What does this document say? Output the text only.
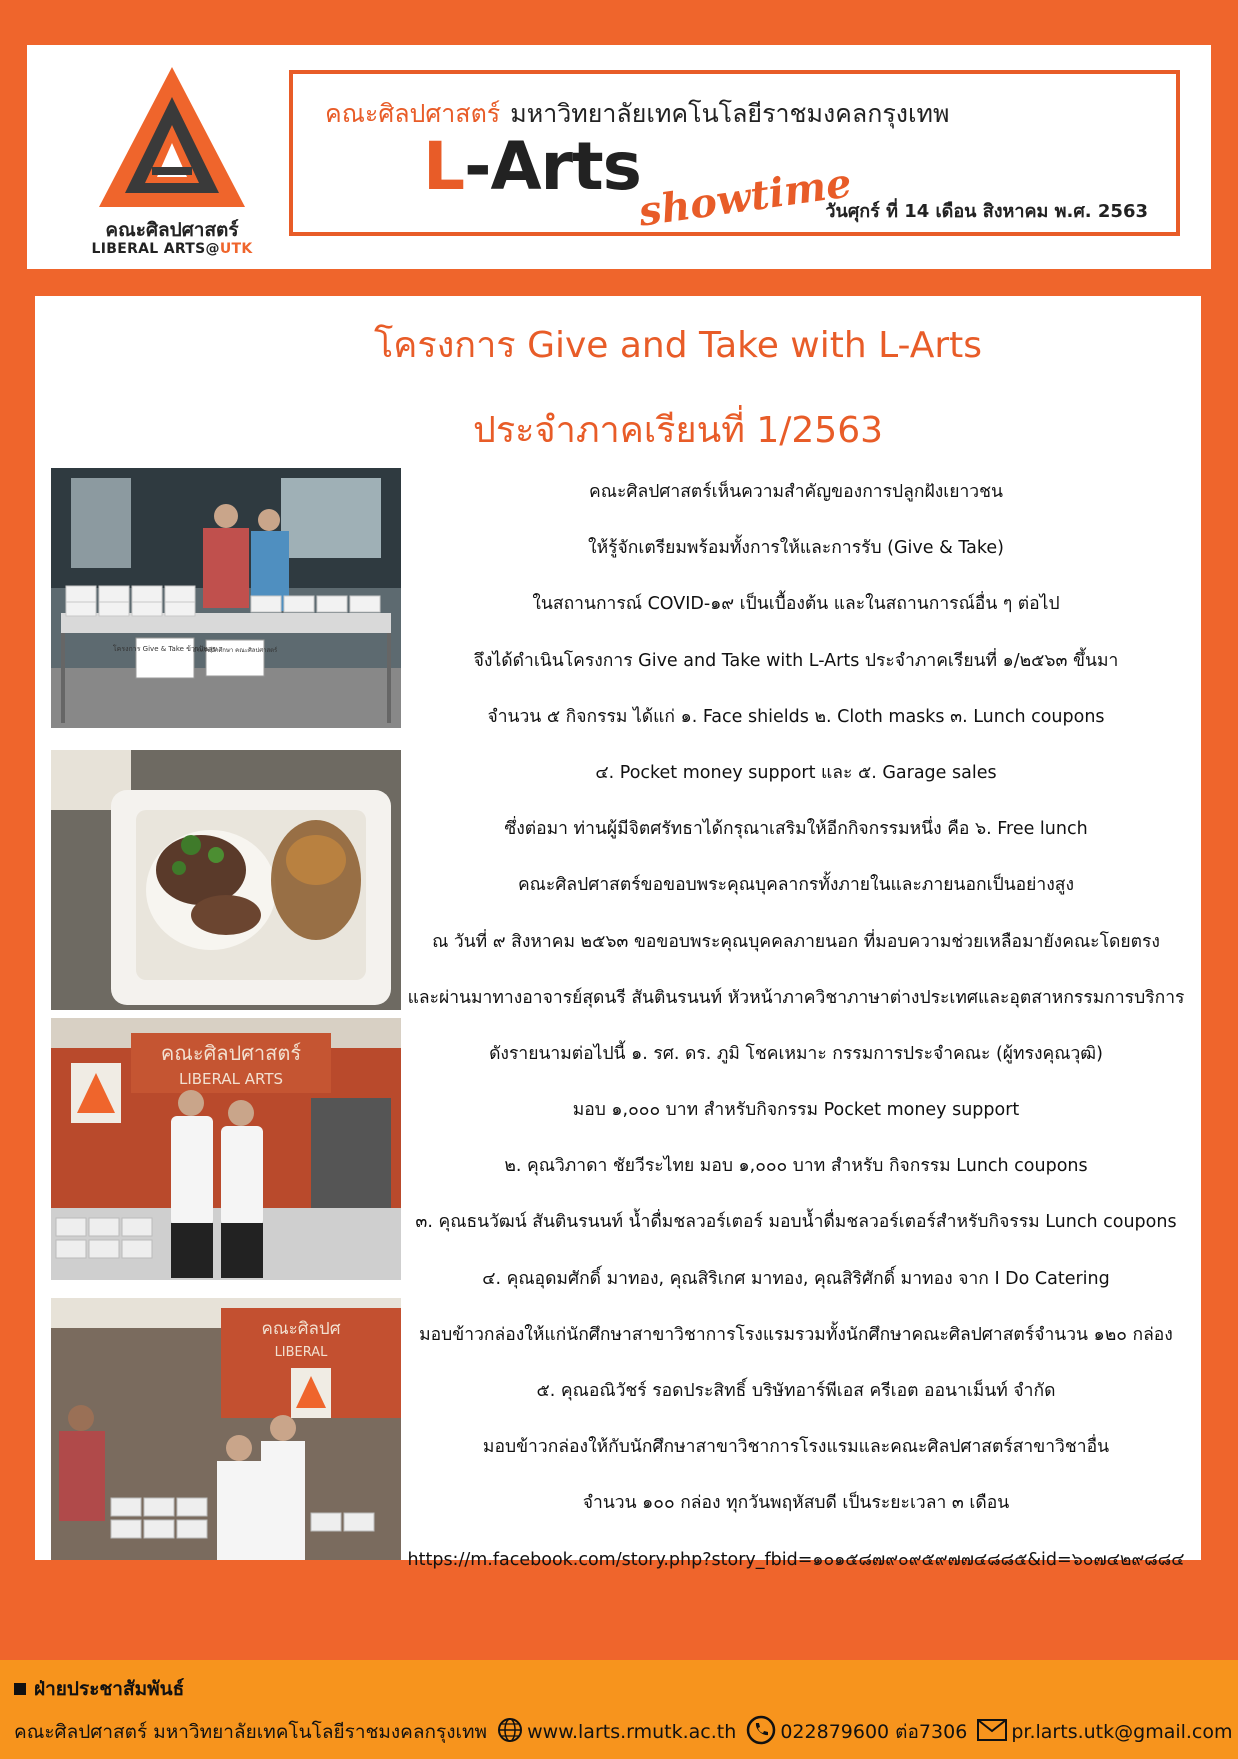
คณะศิลปศาสตร์
LIBERAL ARTS@UTK
คณะศิลปศาสตร์ มหาวิทยาลัยเทคโนโลยีราชมงคลกรุงเทพ
L-Arts
showtime
วันศุกร์ ที่ 14 เดือน สิงหาคม พ.ศ. 2563
โครงการ Give and Take with L-Arts
ประจำภาคเรียนที่ 1/2563
โครงการ Give & Take ข้าวปันสุข
สำหรับนักศึกษา คณะศิลปศาสตร์
คณะศิลปศาสตร์
LIBERAL ARTS
คณะศิลปศ
LIBERAL

คณะศิลปศาสตร์เห็นความสำคัญของการปลูกฝังเยาวชน

ให้รู้จักเตรียมพร้อมทั้งการให้และการรับ (Give & Take)

ในสถานการณ์ COVID-๑๙ เป็นเบื้องต้น และในสถานการณ์อื่น ๆ ต่อไป

จึงได้ดำเนินโครงการ Give and Take with L-Arts ประจำภาคเรียนที่ ๑/๒๕๖๓ ขึ้นมา

จำนวน ๕ กิจกรรม ได้แก่ ๑. Face shields ๒. Cloth masks ๓. Lunch coupons

๔. Pocket money support และ ๕. Garage sales

ซึ่งต่อมา ท่านผู้มีจิตศรัทธาได้กรุณาเสริมให้อีกกิจกรรมหนึ่ง คือ ๖. Free lunch

คณะศิลปศาสตร์ขอขอบพระคุณบุคลากรทั้งภายในและภายนอกเป็นอย่างสูง

ณ วันที่ ๙ สิงหาคม ๒๕๖๓ ขอขอบพระคุณบุคคลภายนอก ที่มอบความช่วยเหลือมายังคณะโดยตรง

และผ่านมาทางอาจารย์สุดนรี สันตินรนนท์ หัวหน้าภาควิชาภาษาต่างประเทศและอุตสาหกรรมการบริการ

ดังรายนามต่อไปนี้ ๑. รศ. ดร. ภูมิ โชคเหมาะ กรรมการประจำคณะ (ผู้ทรงคุณวุฒิ)

มอบ ๑,๐๐๐ บาท สำหรับกิจกรรม Pocket money support

๒. คุณวิภาดา ชัยวีระไทย มอบ ๑,๐๐๐ บาท สำหรับ กิจกรรม Lunch coupons

๓. คุณธนวัฒน์ สันตินรนนท์ น้ำดื่มชลวอร์เตอร์ มอบน้ำดื่มชลวอร์เตอร์สำหรับกิจรรม Lunch coupons

๔. คุณอุดมศักดิ์ มาทอง, คุณสิริเกศ มาทอง, คุณสิริศักดิ์ มาทอง จาก I Do Catering

มอบข้าวกล่องให้แก่นักศึกษาสาขาวิชาการโรงแรมรวมทั้งนักศึกษาคณะศิลปศาสตร์จำนวน ๑๒๐ กล่อง

๕. คุณอณิวัชร์ รอดประสิทธิ์ บริษัทอาร์พีเอส ครีเอต ออนาเม็นท์ จำกัด

มอบข้าวกล่องให้กับนักศึกษาสาขาวิชาการโรงแรมและคณะศิลปศาสตร์สาขาวิชาอื่น

จำนวน ๑๐๐ กล่อง ทุกวันพฤหัสบดี เป็นระยะเวลา ๓ เดือน

https://m.facebook.com/story.php?story_fbid=๑๐๑๕๘๗๙๐๙๕๙๗๗๔๘๘๕&id=๖๐๗๔๒๙๘๘๔

ฝ่ายประชาสัมพันธ์
คณะศิลปศาสตร์ มหาวิทยาลัยเทคโนโลยีราชมงคลกรุงเทพ www.larts.rmutk.ac.th 022879600 ต่อ7306 pr.larts.utk@gmail.com
